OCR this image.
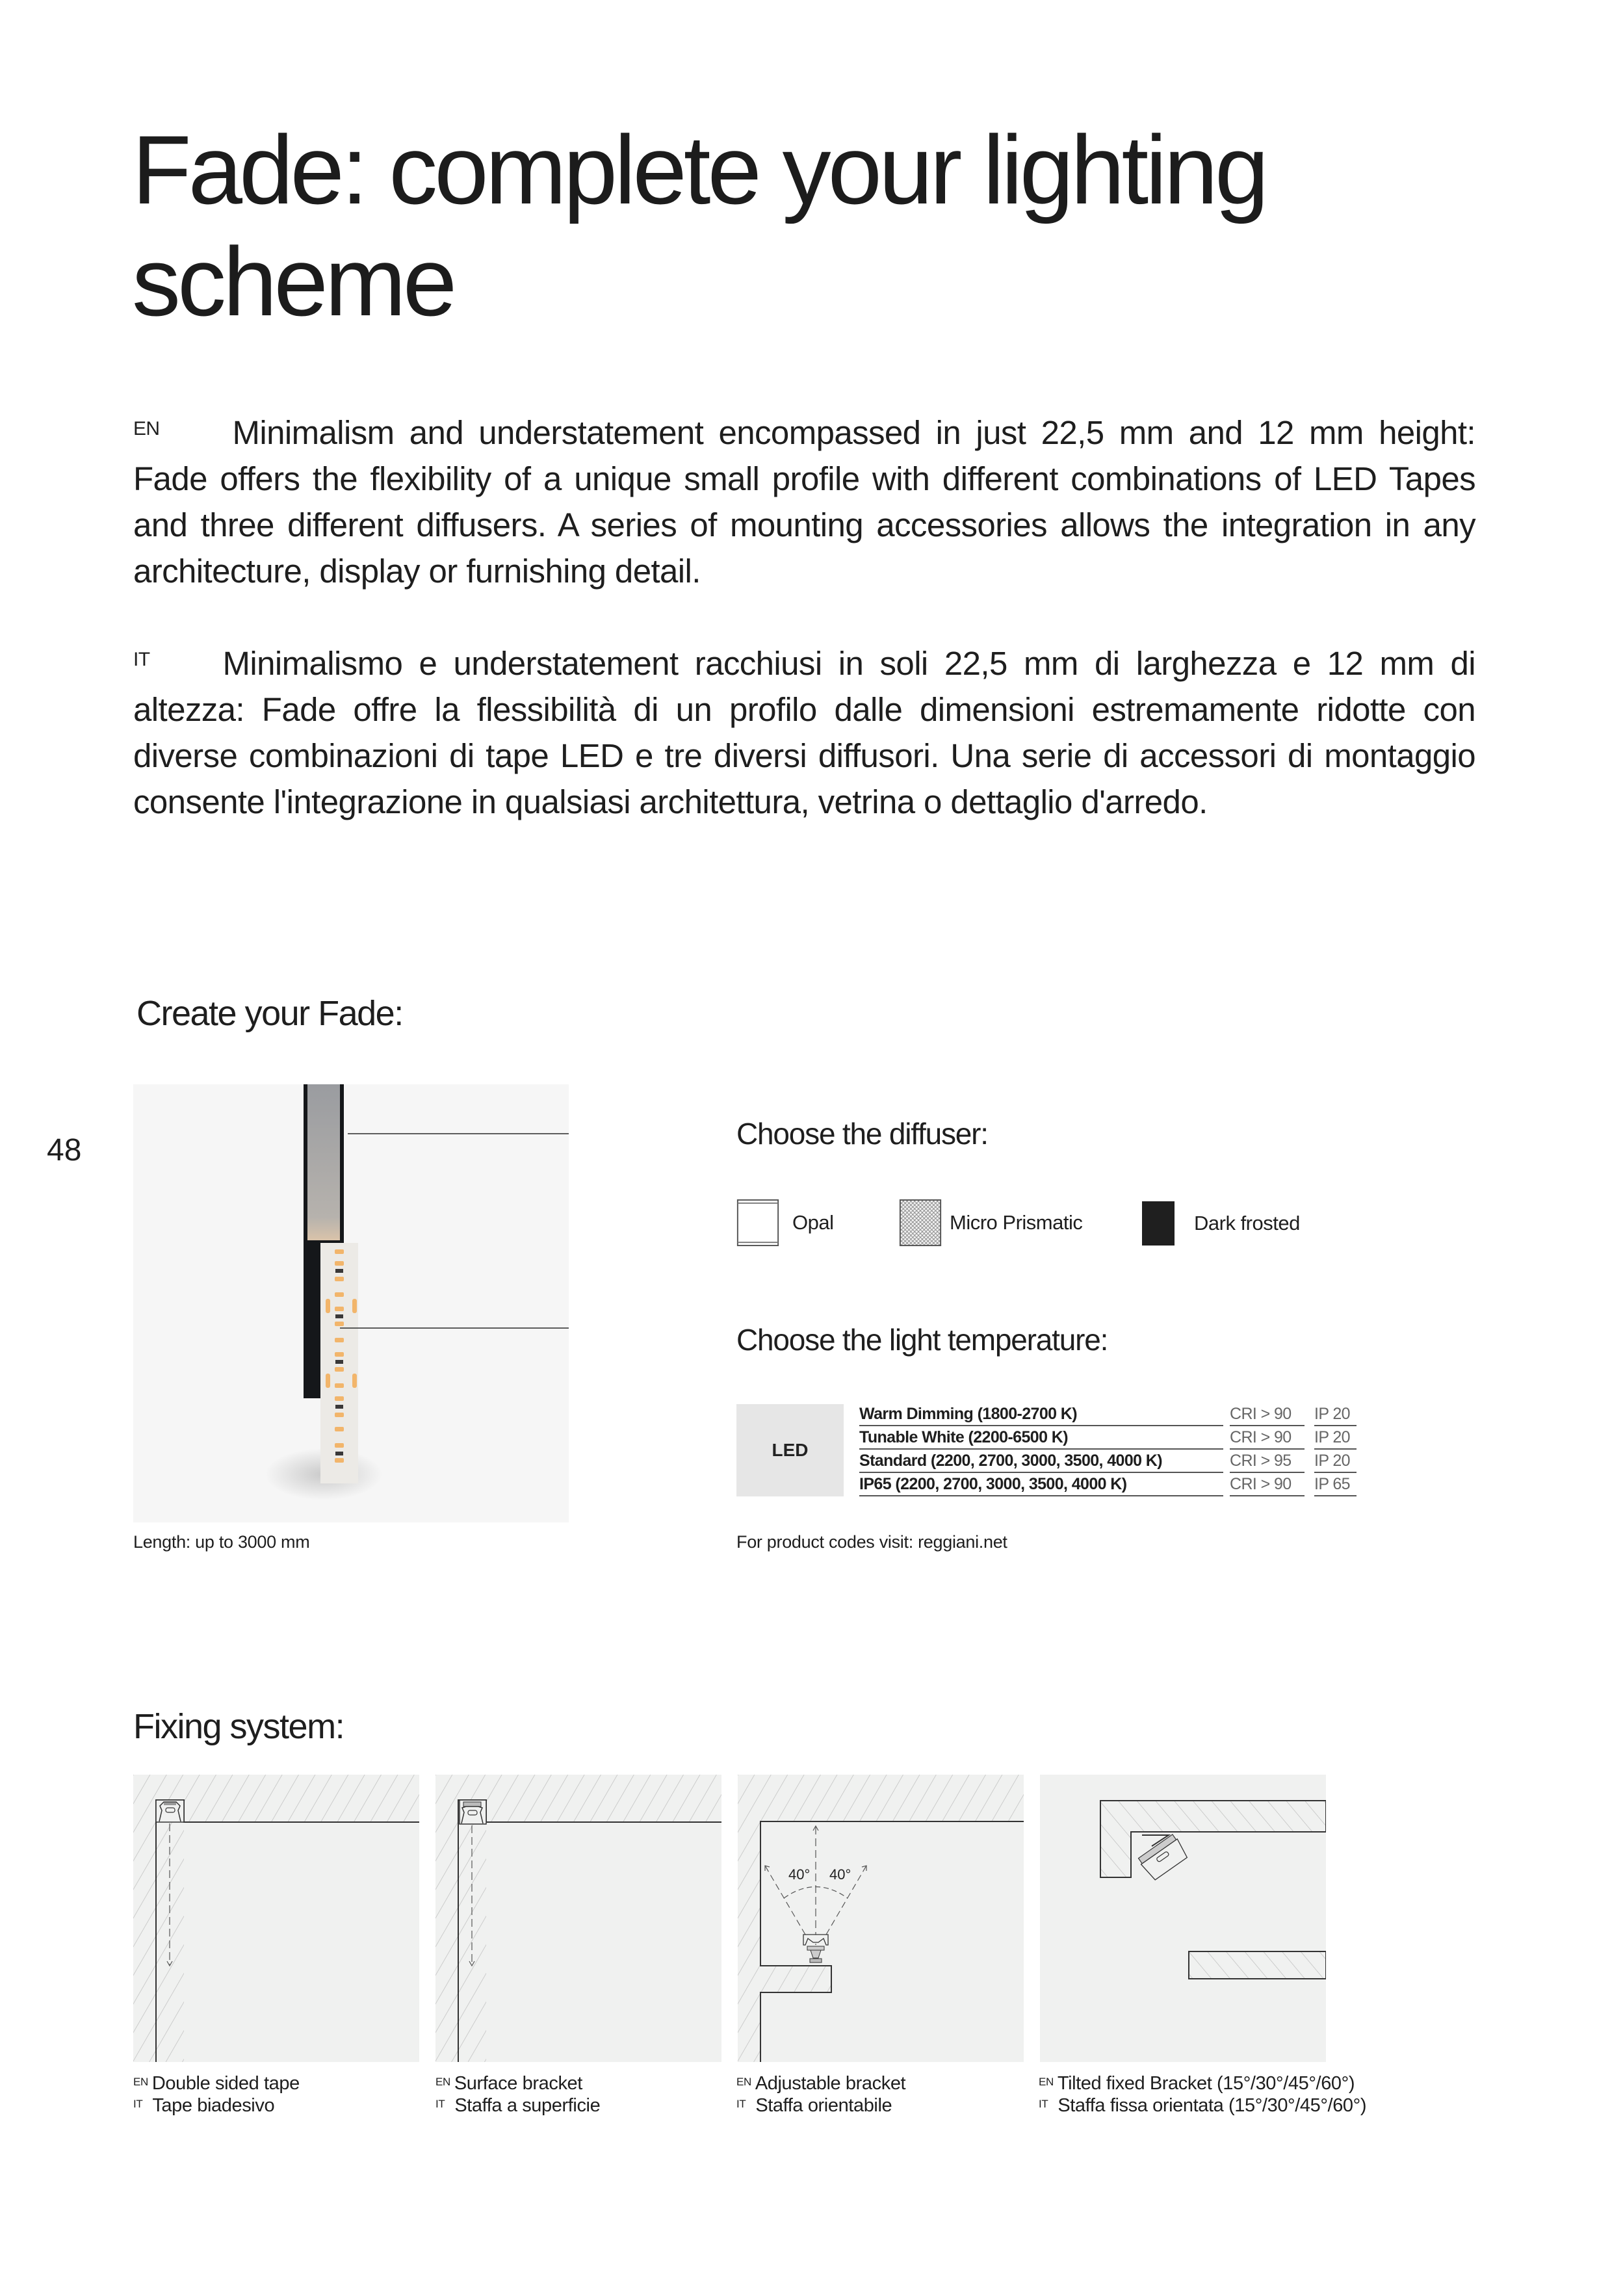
Fade: complete your lighting scheme
$^{EN}$ Minimalism and understatement encompassed in just 22,5 mm and 12 mm height: Fade offers the flexibility of a unique small profile with different combinations of LED Tapes and three different diffusers. A series of mounting accessories allows the integration in any architecture, display or furnishing detail.
$^{IT}$ Minimalismo e understatement racchiusi in soli 22,5 mm di larghezza e 12 mm di altezza: Fade offre la flessibilità di un profilo dalle dimensioni estremamente ridotte con diverse combinazioni di tape LED e tre diversi diffusori. Una serie di accessori di montaggio consente l'integrazione in qualsiasi architettura, vetrina o dettaglio d'arredo.
Create your Fade:
48
Length: up to 3000 mm
Choose the diffuser:
Opal	Micro Prismatic	Dark frosted
Choose the light temperature:
LED
Warm Dimming (1800-2700 K)	CRI > 90	IP 20
Tunable White (2200-6500 K)	CRI > 90	IP 20
Standard (2200, 2700, 3000, 3500, 4000 K)	CRI > 95	IP 20
IP65 (2200, 2700, 3000, 3500, 4000 K)	CRI > 90	IP 65
For product codes visit: reggiani.net
Fixing system:
40° 40°
$^{EN}$ Double sided tape
$^{IT}$ Tape biadesivo
$^{EN}$ Surface bracket
$^{IT}$ Staffa a superficie
$^{EN}$ Adjustable bracket
$^{IT}$ Staffa orientabile
$^{EN}$ Tilted fixed Bracket (15°/30°/45°/60°)
$^{IT}$ Staffa fissa orientata (15°/30°/45°/60°)
